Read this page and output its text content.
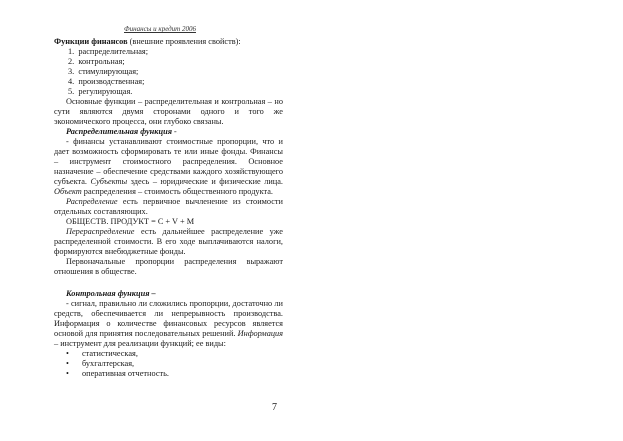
Финансы и кредит 2006

Функции финансов (внешние проявления свойств):

1. распределительная;
2. контрольная;
3. стимулирующая;
4. производственная;
5. регулирующая.

Основные функции – распределительная и контрольная – но сути являются двумя сторонами одного и того же экономического процесса, они глубоко связаны.

Распределительная функция -

- финансы устанавливают стоимостные пропорции, что и дает возможность сформировать те или иные фонды. Финансы – инструмент стоимостного распределения. Основное назначение – обеспечение средствами каждого хозяйствующего субъекта. Субъекты здесь – юридические и физические лица. Объект распределения – стоимость общественного продукта.

Распределение есть первичное вычленение из стоимости отдельных составляющих.

ОБЩЕСТВ. ПРОДУКТ = C + V + M

Перераспределение есть дальнейшее распределение уже распределенной стоимости. В его ходе выплачиваются налоги, формируются внебюджетные фонды.

Первоначальные пропорции распределения выражают отношения в обществе.

Контрольная функция –

- сигнал, правильно ли сложились пропорции, достаточно ли средств, обеспечивается ли непрерывность производства. Информация о количестве финансовых ресурсов является основой для принятия последовательных решений. Информация – инструмент для реализации функций; ее виды:

• статистическая,
• бухгалтерская,
• оперативная отчетность.
7
